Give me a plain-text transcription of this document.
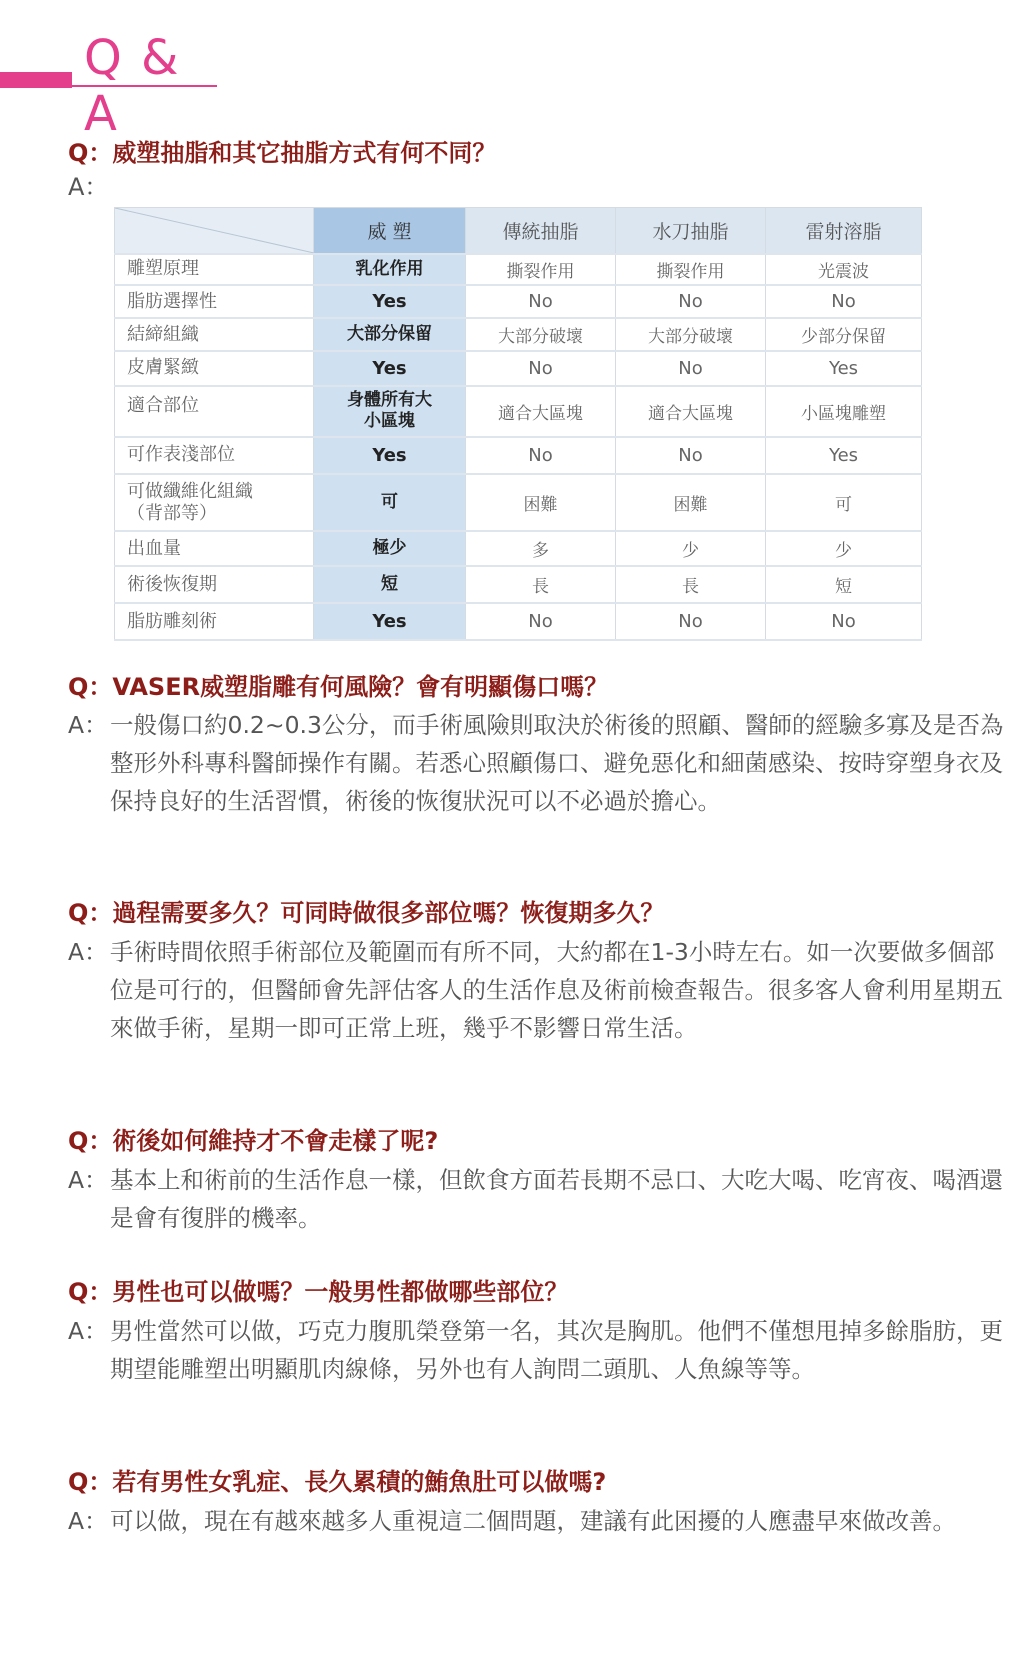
Q & A
Q：威塑抽脂和其它抽脂方式有何不同？
A：
	威 塑	傳統抽脂	水刀抽脂	雷射溶脂
雕塑原理	乳化作用	撕裂作用	撕裂作用	光震波
脂肪選擇性	Yes	No	No	No
結締組織	大部分保留	大部分破壞	大部分破壞	少部分保留
皮膚緊緻	Yes	No	No	Yes
適合部位	身體所有大小區塊	適合大區塊	適合大區塊	小區塊雕塑
可作表淺部位	Yes	No	No	Yes
可做纖維化組織（背部等）	可	困難	困難	可
出血量	極少	多	少	少
術後恢復期	短	長	長	短
脂肪雕刻術	Yes	No	No	No
Q：VASER威塑脂雕有何風險？會有明顯傷口嗎？

A： 一般傷口約0.2~0.3公分，而手術風險則取決於術後的照顧、醫師的經驗多寡及是否為整形外科專科醫師操作有關。若悉心照顧傷口、避免惡化和細菌感染、按時穿塑身衣及保持良好的生活習慣，術後的恢復狀況可以不必過於擔心。

Q：過程需要多久？可同時做很多部位嗎？恢復期多久？

A： 手術時間依照手術部位及範圍而有所不同，大約都在1-3小時左右。如一次要做多個部位是可行的，但醫師會先評估客人的生活作息及術前檢查報告。很多客人會利用星期五來做手術，星期一即可正常上班，幾乎不影響日常生活。

Q：術後如何維持才不會走樣了呢?

A： 基本上和術前的生活作息一樣，但飲食方面若長期不忌口、大吃大喝、吃宵夜、喝酒還是會有復胖的機率。

Q：男性也可以做嗎？一般男性都做哪些部位？

A： 男性當然可以做，巧克力腹肌榮登第一名，其次是胸肌。他們不僅想甩掉多餘脂肪，更期望能雕塑出明顯肌肉線條，另外也有人詢問二頭肌、人魚線等等。

Q：若有男性女乳症、長久累積的鮪魚肚可以做嗎?

A： 可以做，現在有越來越多人重視這二個問題，建議有此困擾的人應盡早來做改善。
